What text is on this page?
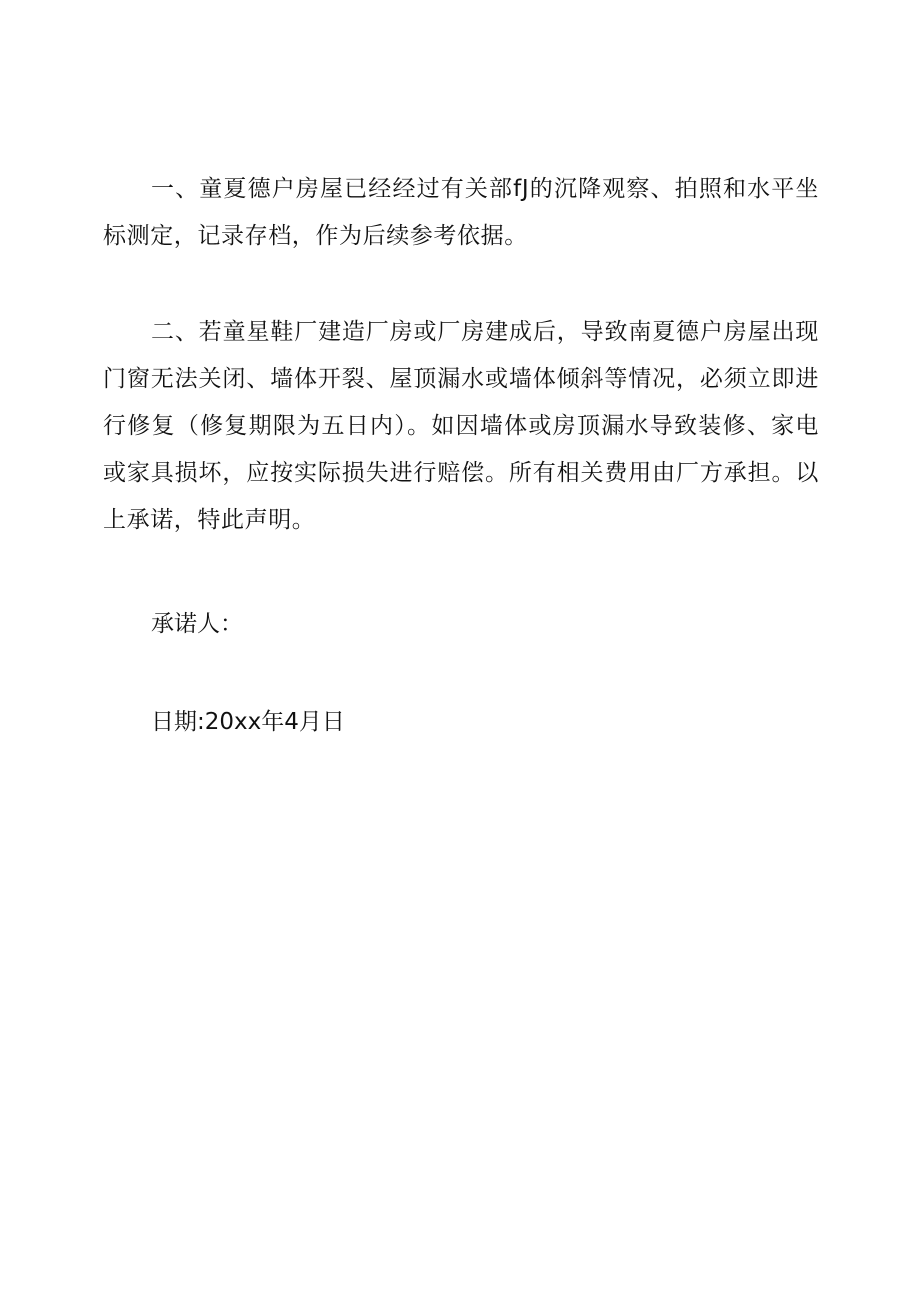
一、童夏德户房屋已经经过有关部fJ的沉降观察、拍照和水平坐标测定，记录存档，作为后续参考依据。

二、若童星鞋厂建造厂房或厂房建成后，导致南夏德户房屋出现门窗无法关闭、墙体开裂、屋顶漏水或墙体倾斜等情况，必须立即进行修复（修复期限为五日内）。如因墙体或房顶漏水导致装修、家电或家具损坏，应按实际损失进行赔偿。所有相关费用由厂方承担。以上承诺，特此声明。

承诺人：

日期:20xx年4月日
